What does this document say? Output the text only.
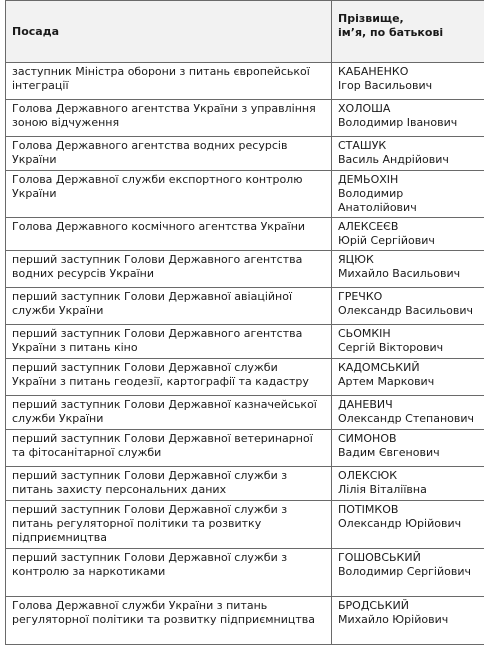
Посада	Прізвище,
ім’я, по батькові

заступник Міністра оборони з питань європейської інтеграції	КАБАНЕНКО
Ігор Васильович

Голова Державного агентства України з управління зоною відчуження	ХОЛОША
Володимир Іванович

Голова Державного агентства водних ресурсів України	СТАШУК
Василь Андрійович

Голова Державної служби експортного контролю України	ДЕМЬОХІН
Володимир Анатолійович

Голова Державного космічного агентства України	АЛЕКСЕЄВ
Юрій Сергійович

перший заступник Голови Державного агентства водних ресурсів України	ЯЦЮК
Михайло Васильович

перший заступник Голови Державної авіаційної служби України	ГРЕЧКО
Олександр Васильович

перший заступник Голови Державного агентства України з питань кіно	СЬОМКІН
Сергій Вікторович

перший заступник Голови Державної служби України з питань геодезії, картографії та кадастру	КАДОМСЬКИЙ
Артем Маркович

перший заступник Голови Державної казначейської служби України	ДАНЕВИЧ
Олександр Степанович

перший заступник Голови Державної ветеринарної та фітосанітарної служби	СИМОНОВ
Вадим Євгенович

перший заступник Голови Державної служби з питань захисту персональних даних	ОЛЕКСЮК
Лілія Віталіївна

перший заступник Голови Державної служби з питань регуляторної політики та розвитку підприємництва	ПОТІМКОВ
Олександр Юрійович

перший заступник Голови Державної служби з контролю за наркотиками	ГОШОВСЬКИЙ
Володимир Сергійович

Голова Державної служби України з питань регуляторної політики та розвитку підприємництва	БРОДСЬКИЙ
Михайло Юрійович
